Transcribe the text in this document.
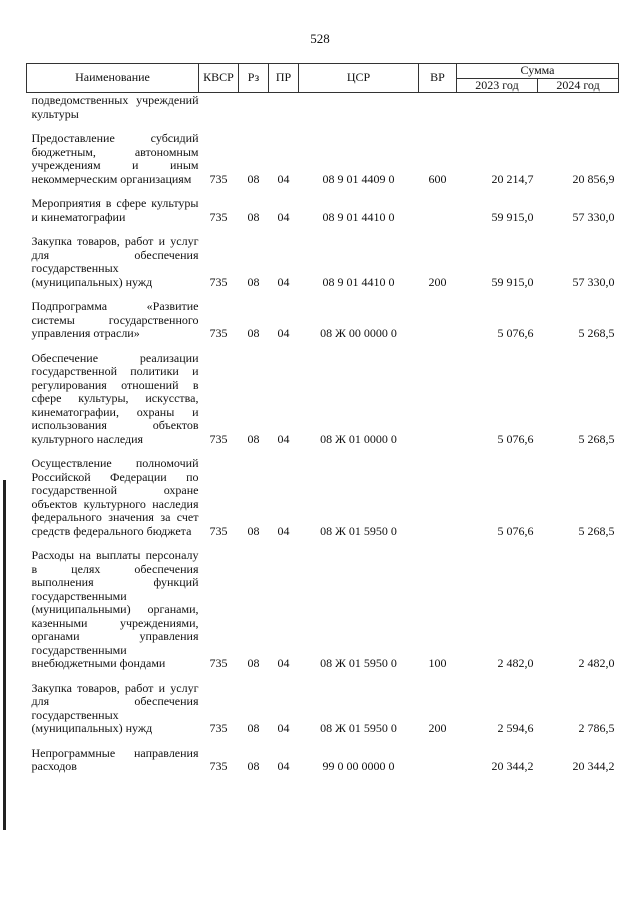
528
Наименование	КВСР	Рз	ПР	ЦСР	ВР	Сумма	
						2023 год	2024 год
подведомственных учреждений культуры							
Предоставление субсидий бюджетным, автономным учреждениям и иным некоммерческим организациям	735	08	04	08 9 01 4409 0	600	20 214,7	20 856,9
Мероприятия в сфере культуры и кинематографии	735	08	04	08 9 01 4410 0		59 915,0	57 330,0
Закупка товаров, работ и услуг для обеспечения государственных (муниципальных) нужд	735	08	04	08 9 01 4410 0	200	59 915,0	57 330,0
Подпрограмма «Развитие системы государственного управления отрасли»	735	08	04	08 Ж 00 0000 0		5 076,6	5 268,5
Обеспечение реализации государственной политики и регулирования отношений в сфере культуры, искусства, кинематографии, охраны и использования объектов культурного наследия	735	08	04	08 Ж 01 0000 0		5 076,6	5 268,5
Осуществление полномочий Российской Федерации по государственной охране объектов культурного наследия федерального значения за счет средств федерального бюджета	735	08	04	08 Ж 01 5950 0		5 076,6	5 268,5
Расходы на выплаты персоналу в целях обеспечения выполнения функций государственными (муниципальными) органами, казенными учреждениями, органами управления государственными внебюджетными фондами	735	08	04	08 Ж 01 5950 0	100	2 482,0	2 482,0
Закупка товаров, работ и услуг для обеспечения государственных (муниципальных) нужд	735	08	04	08 Ж 01 5950 0	200	2 594,6	2 786,5
Непрограммные направления расходов	735	08	04	99 0 00 0000 0		20 344,2	20 344,2
